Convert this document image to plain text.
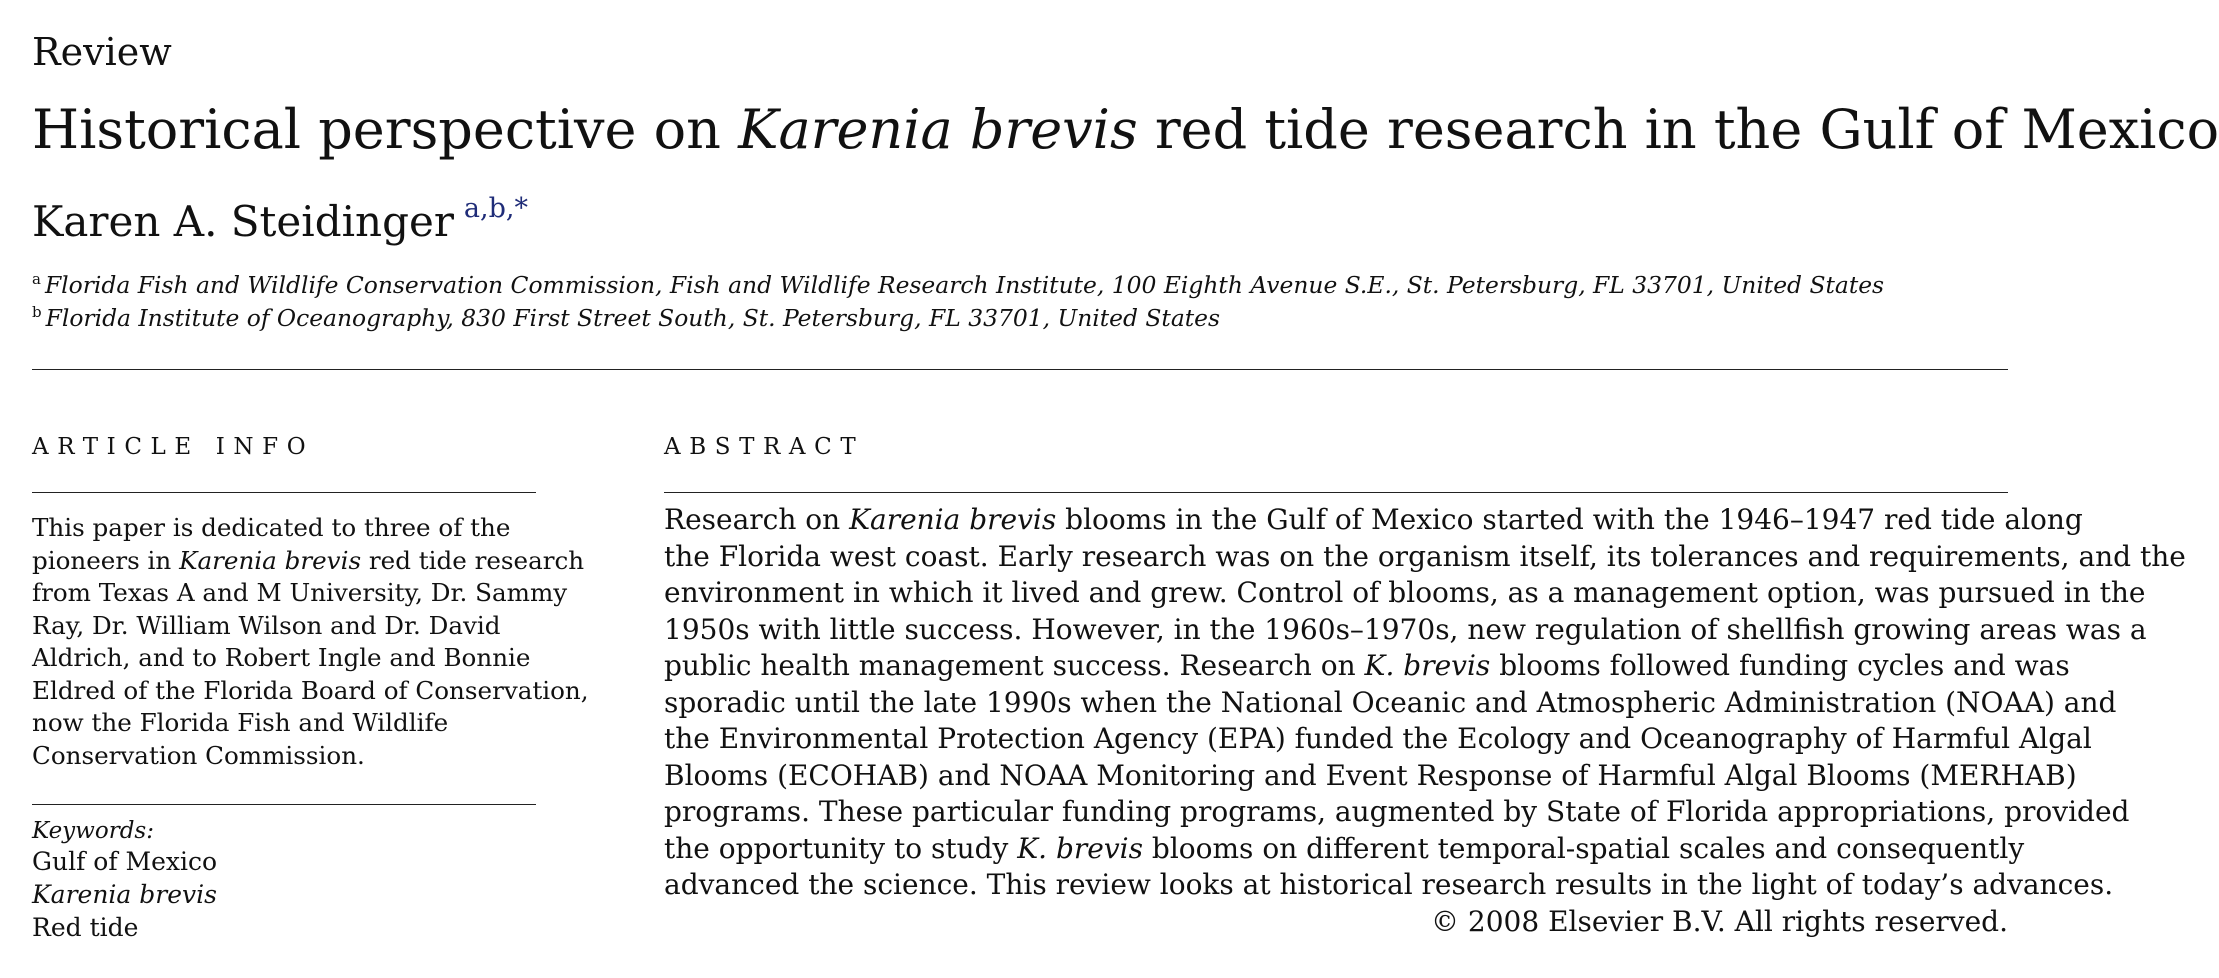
Review
Historical perspective on Karenia brevis red tide research in the Gulf of Mexico
Karen A. Steidinger $^{a,b,*}$
$^a$ Florida Fish and Wildlife Conservation Commission, Fish and Wildlife Research Institute, 100 Eighth Avenue S.E., St. Petersburg, FL 33701, United States
$^b$ Florida Institute of Oceanography, 830 First Street South, St. Petersburg, FL 33701, United States
ARTICLE INFO	ABSTRACT
This paper is dedicated to three of the
pioneers in Karenia brevis red tide research
from Texas A and M University, Dr. Sammy
Ray, Dr. William Wilson and Dr. David
Aldrich, and to Robert Ingle and Bonnie
Eldred of the Florida Board of Conservation,
now the Florida Fish and Wildlife
Conservation Commission.
Keywords:
Gulf of Mexico
Karenia brevis
Red tide
Research on Karenia brevis blooms in the Gulf of Mexico started with the 1946–1947 red tide along
the Florida west coast. Early research was on the organism itself, its tolerances and requirements, and the
environment in which it lived and grew. Control of blooms, as a management option, was pursued in the
1950s with little success. However, in the 1960s–1970s, new regulation of shellfish growing areas was a
public health management success. Research on K. brevis blooms followed funding cycles and was
sporadic until the late 1990s when the National Oceanic and Atmospheric Administration (NOAA) and
the Environmental Protection Agency (EPA) funded the Ecology and Oceanography of Harmful Algal
Blooms (ECOHAB) and NOAA Monitoring and Event Response of Harmful Algal Blooms (MERHAB)
programs. These particular funding programs, augmented by State of Florida appropriations, provided
the opportunity to study K. brevis blooms on different temporal-spatial scales and consequently
advanced the science. This review looks at historical research results in the light of today’s advances.
© 2008 Elsevier B.V. All rights reserved.
